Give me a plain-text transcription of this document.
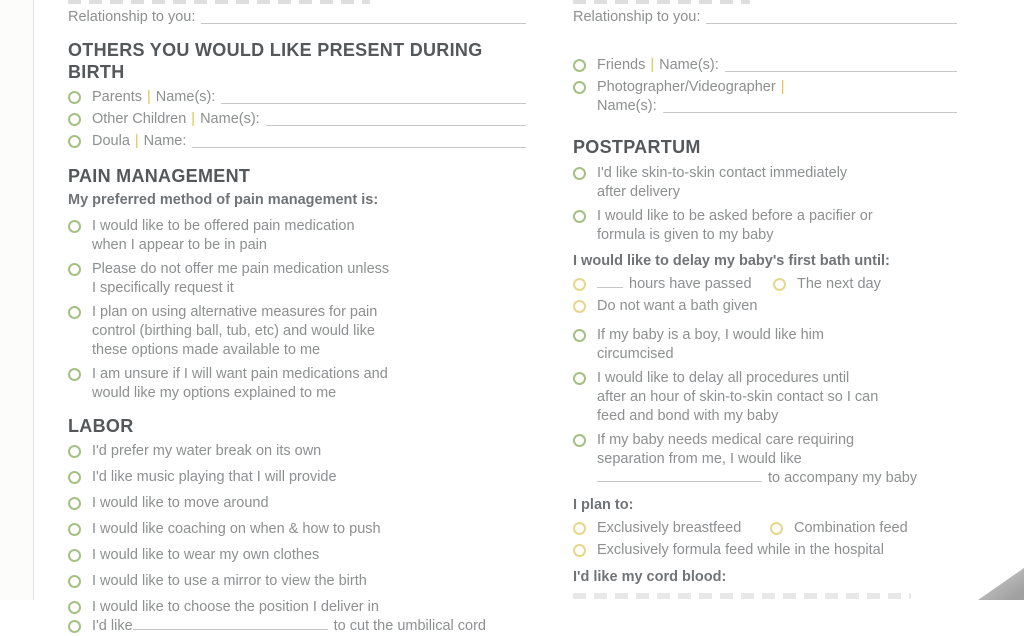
Relationship to you:
OTHERS YOU WOULD LIKE PRESENT DURING BIRTH
Parents | Name(s):
Other Children | Name(s):
Doula | Name:
PAIN MANAGEMENT
My preferred method of pain management is:
I would like to be offered pain medication
when I appear to be in pain
Please do not offer me pain medication unless
I specifically request it
I plan on using alternative measures for pain
control (birthing ball, tub, etc) and would like
these options made available to me
I am unsure if I will want pain medications and
would like my options explained to me
LABOR
I'd prefer my water break on its own
I'd like music playing that I will provide
I would like to move around
I would like coaching on when & how to push
I would like to wear my own clothes
I would like to use a mirror to view the birth
I would like to choose the position I deliver in
I'd like	to cut the umbilical cord
Relationship to you:
Friends | Name(s):
Photographer/Videographer |
Name(s):
POSTPARTUM
I'd like skin-to-skin contact immediately
after delivery
I would like to be asked before a pacifier or
formula is given to my baby
I would like to delay my baby's first bath until:
hours have passed	The next day
Do not want a bath given
If my baby is a boy, I would like him
circumcised
I would like to delay all procedures until
after an hour of skin-to-skin contact so I can
feed and bond with my baby
If my baby needs medical care requiring
separation from me, I would like
to accompany my baby
I plan to:
Exclusively breastfeed	Combination feed
Exclusively formula feed while in the hospital
I'd like my cord blood:
